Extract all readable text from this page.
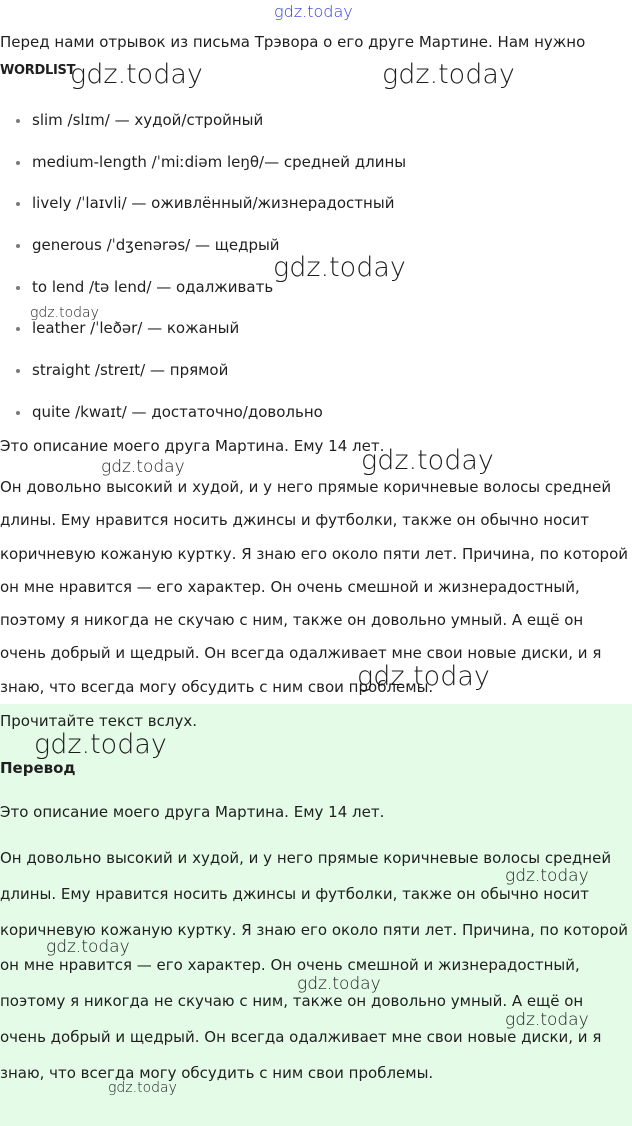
Перед нами отрывок из письма Трэвора о его друге Мартине. Нам нужно
WORDLIST
slim /slɪm/ — худой/стройный
medium-length /ˈmiːdiəm leŋθ/— средней длины
lively /ˈlaɪvli/ — оживлённый/жизнерадостный
generous /ˈdʒenərəs/ — щедрый
to lend /tə lend/ — одалживать
leather /ˈleðər/ — кожаный
straight /streɪt/ — прямой
quite /kwaɪt/ — достаточно/довольно
Это описание моего друга Мартина. Ему 14 лет.

Он довольно высокий и худой, и у него прямые коричневые волосы средней длины. Ему нравится носить джинсы и футболки, также он обычно носит коричневую кожаную куртку. Я знаю его около пяти лет. Причина, по которой он мне нравится — его характер. Он очень смешной и жизнерадостный, поэтому я никогда не скучаю с ним, также он довольно умный. А ещё он очень добрый и щедрый. Он всегда одалживает мне свои новые диски, и я знаю, что всегда могу обсудить с ним свои проблемы.

Прочитайте текст вслух.
Перевод
Это описание моего друга Мартина. Ему 14 лет.

Он довольно высокий и худой, и у него прямые коричневые волосы средней длины. Ему нравится носить джинсы и футболки, также он обычно носит коричневую кожаную куртку. Я знаю его около пяти лет. Причина, по которой он мне нравится — его характер. Он очень смешной и жизнерадостный, поэтому я никогда не скучаю с ним, также он довольно умный. А ещё он очень добрый и щедрый. Он всегда одалживает мне свои новые диски, и я знаю, что всегда могу обсудить с ним свои проблемы.

gdz.today
gdz.today	gdz.today
gdz.today
gdz.today
gdz.today	gdz.today
gdz.today
gdz.today
gdz.today
gdz.today
gdz.today
gdz.today
gdz.today
